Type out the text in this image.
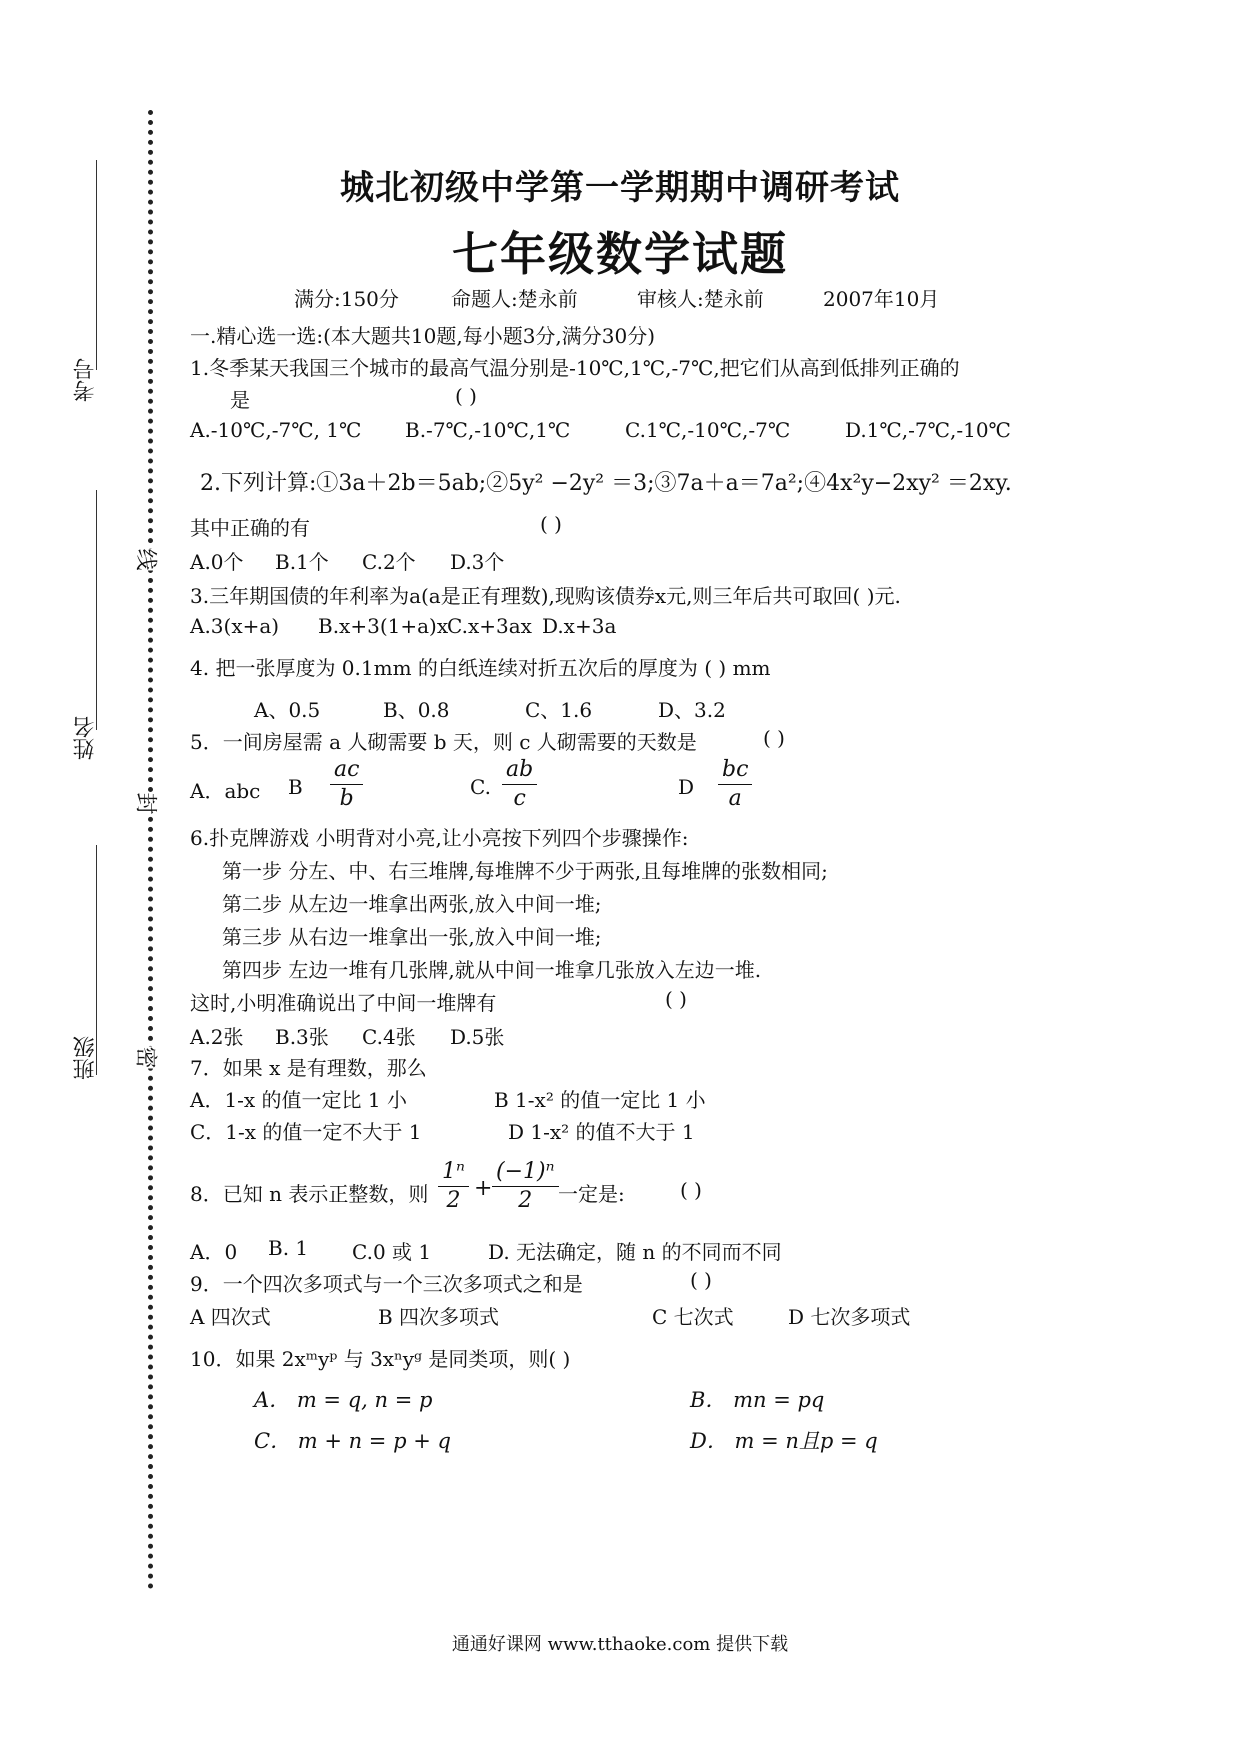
考号
姓名
班级
线
封
密
城北初级中学第一学期期中调研考试
七年级数学试题
满分:150分	命题人:楚永前	审核人:楚永前	2007年10月
一.精心选一选:(本大题共10题,每小题3分,满分30分)
1.冬季某天我国三个城市的最高气温分别是-10℃,1℃,-7℃,把它们从高到低排列正确的
是	( )
A.-10℃,-7℃, 1℃ B.-7℃,-10℃,1℃	C.1℃,-10℃,-7℃	D.1℃,-7℃,-10℃
2.下列计算:①3a＋2b＝5ab;②5y² −2y² ＝3;③7a＋a＝7a²;④4x²y−2xy² ＝2xy.
其中正确的有	( )
A.0个 B.1个 C.2个 D.3个
3.三年期国债的年利率为a(a是正有理数),现购该债券x元,则三年后共可取回( )元.
A.3(x+a) B.x+3(1+a)x
C.x+3ax D.x+3a
4. 把一张厚度为 0.1mm 的白纸连续对折五次后的厚度为 ( ) mm
A、0.5	B、0.8	C、1.6	D、3.2
5．一间房屋需 a 人砌需要 b 天，则 c 人砌需要的天数是	( )
A．abc B $\frac{ac}{b}$	C. $\frac{ab}{c}$	D $\frac{bc}{a}$
6.扑克牌游戏 小明背对小亮,让小亮按下列四个步骤操作:
第一步 分左、中、右三堆牌,每堆牌不少于两张,且每堆牌的张数相同;
第二步 从左边一堆拿出两张,放入中间一堆;
第三步 从右边一堆拿出一张,放入中间一堆;
第四步 左边一堆有几张牌,就从中间一堆拿几张放入左边一堆.
这时,小明准确说出了中间一堆牌有	( )
A.2张 B.3张 C.4张 D.5张
7．如果 x 是有理数，那么
A．1-x 的值一定比 1 小	B 1-x² 的值一定比 1 小
C．1-x 的值一定不大于 1	D 1-x² 的值不大于 1
8．已知 n 表示正整数，则 $\frac{\text{1ⁿ}}{2} + \frac{\text{(−1)ⁿ}}{2}$ 一定是:	( )
A．0 B. 1 C.0 或 1	D. 无法确定，随 n 的不同而不同
9．一个四次多项式与一个三次多项式之和是	( )
A 四次式	B 四次多项式	C 七次式	D 七次多项式
10．如果 2xᵐyᵖ 与 3xⁿyᵍ 是同类项，则( )
A． m = q, n = p	B． mn = pq
C． m + n = p + q	D． m = n且p = q
通通好课网 www.tthaoke.com 提供下载
